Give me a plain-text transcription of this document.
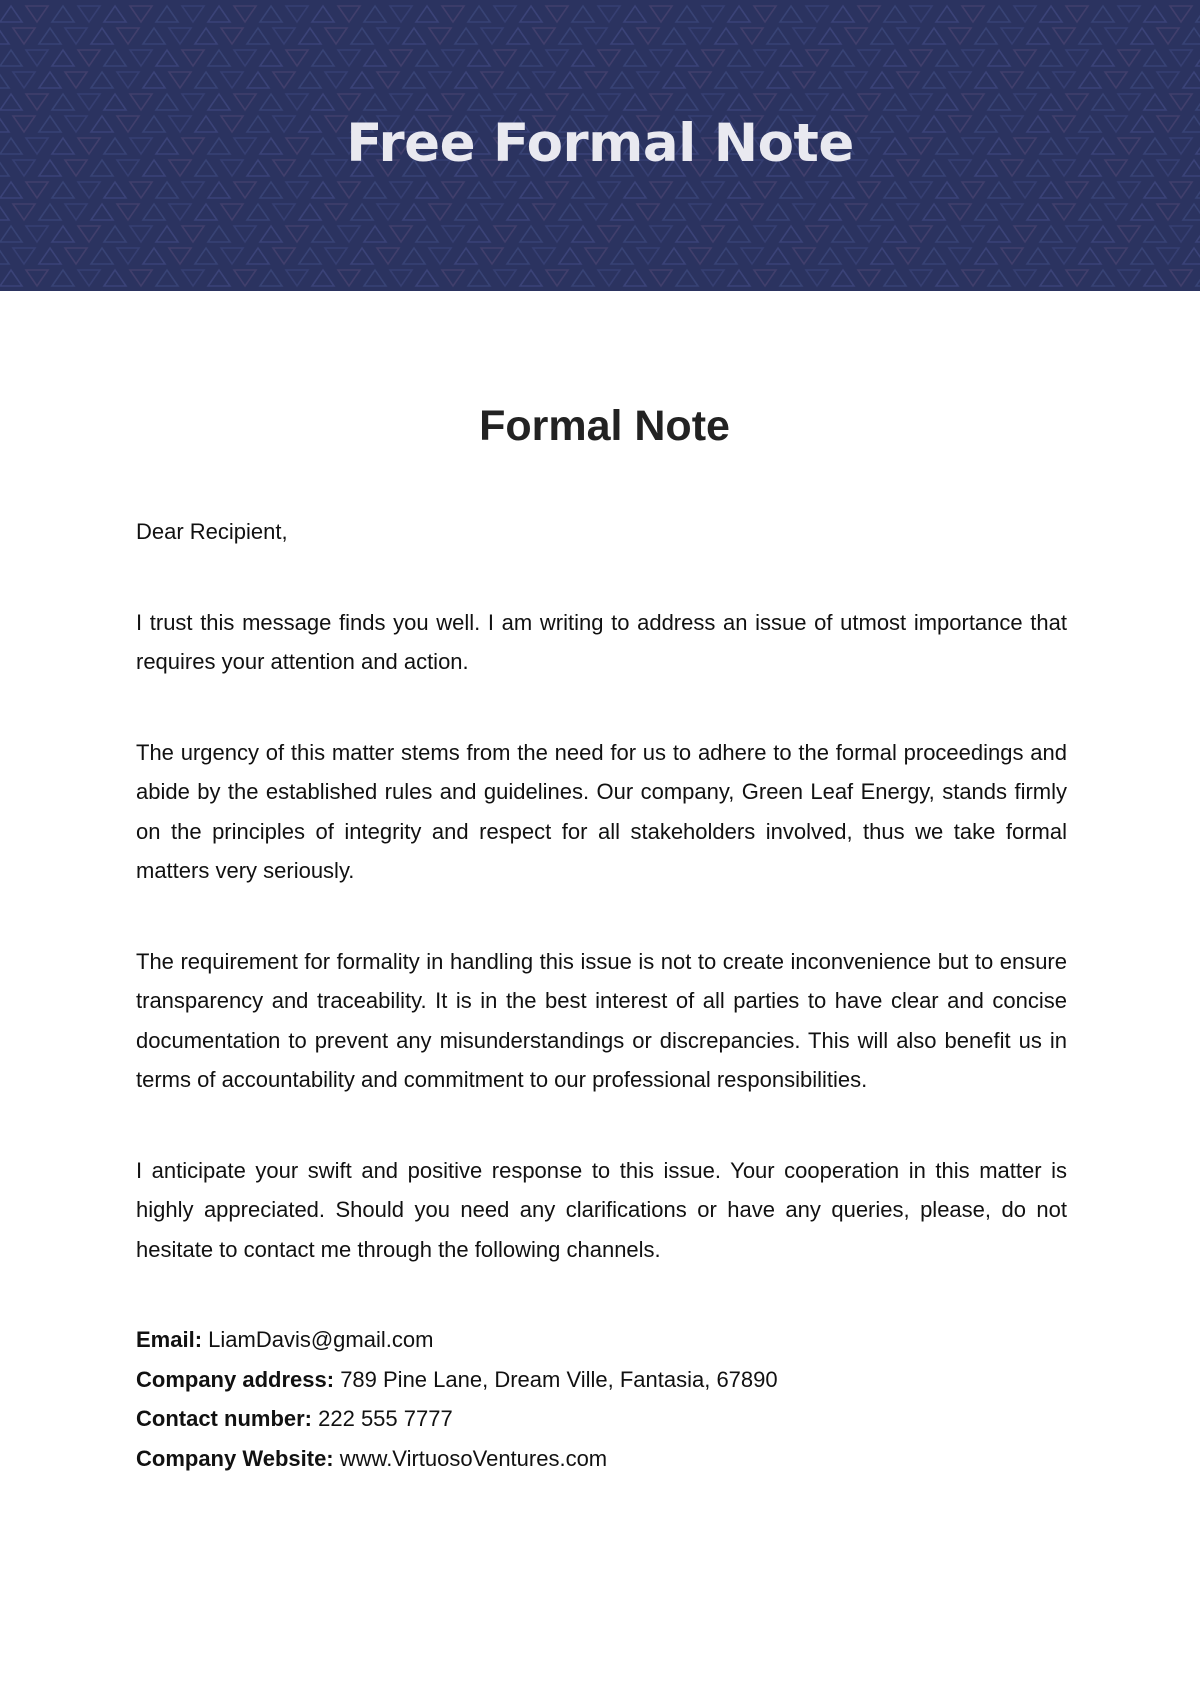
Free Formal Note
Formal Note

Dear Recipient,

I trust this message finds you well. I am writing to address an issue of utmost importance that requires your attention and action.

The urgency of this matter stems from the need for us to adhere to the formal proceedings and abide by the established rules and guidelines. Our company, Green Leaf Energy, stands firmly on the principles of integrity and respect for all stakeholders involved, thus we take formal matters very seriously.

The requirement for formality in handling this issue is not to create inconvenience but to ensure transparency and traceability. It is in the best interest of all parties to have clear and concise documentation to prevent any misunderstandings or discrepancies. This will also benefit us in terms of accountability and commitment to our professional responsibilities.

I anticipate your swift and positive response to this issue. Your cooperation in this matter is highly appreciated. Should you need any clarifications or have any queries, please, do not hesitate to contact me through the following channels.

Email: LiamDavis@gmail.com
Company address: 789 Pine Lane, Dream Ville, Fantasia, 67890
Contact number: 222 555 7777
Company Website: www.VirtuosoVentures.com
